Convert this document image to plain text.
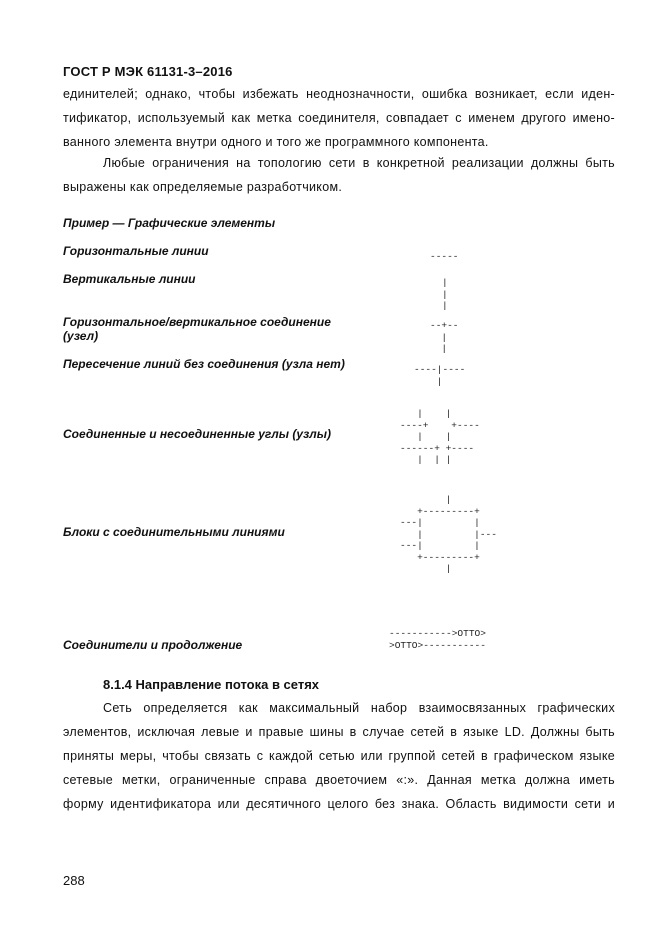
ГОСТ Р МЭК 61131-3–2016
единителей; однако, чтобы избежать неоднозначности, ошибка возникает, если иден-
тификатор, используемый как метка соединителя, совпадает с именем другого имено-
ванного элемента внутри одного и того же программного компонента.
Любые ограничения на топологию сети в конкретной реализации должны быть
выражены как определяемые разработчиком.
Пример — Графические элементы
Горизонтальные линии	-----
Вертикальные линии	|
|
|
Горизонтальное/вертикальное соединение
(узел)
--+--
|
|
Пересечение линий без соединения (узла нет)	----|----
|
Соединенные и несоединенные углы (узлы)
|    |
----+    +----
|    |
------+ +----
|  | |
Блоки с соединительными линиями
|
+---------+
---|         |
|         |---
---|         |
+---------+
|
Соединители и продолжение
----------->OTTO>
>OTTO>-----------
8.1.4 Направление потока в сетях
Сеть определяется как максимальный набор взаимосвязанных графических
элементов, исключая левые и правые шины в случае сетей в языке LD. Должны быть
приняты меры, чтобы связать с каждой сетью или группой сетей в графическом языке
сетевые метки, ограниченные справа двоеточием «:». Данная метка должна иметь
форму идентификатора или десятичного целого без знака. Область видимости сети и
288
